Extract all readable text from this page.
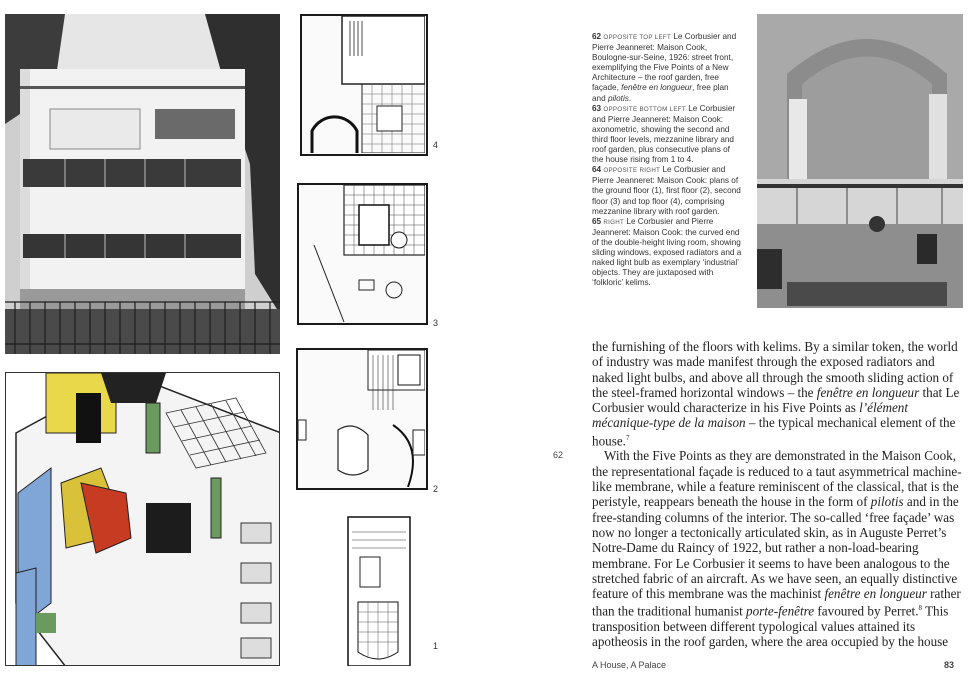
4
3
2
1
62 OPPOSITE TOP LEFT Le Corbusier and Pierre Jeanneret: Maison Cook, Boulogne-sur-Seine, 1926: street front, exemplifying the Five Points of a New Architecture – the roof garden, free façade, fenêtre en longueur, free plan and pilotis.
63 OPPOSITE BOTTOM LEFT Le Corbusier and Pierre Jeanneret: Maison Cook: axonometric, showing the second and third floor levels, mezzanine library and roof garden, plus consecutive plans of the house rising from 1 to 4.
64 OPPOSITE RIGHT Le Corbusier and Pierre Jeanneret: Maison Cook: plans of the ground floor (1), first floor (2), second floor (3) and top floor (4), comprising mezzanine library with roof garden.
65 RIGHT Le Corbusier and Pierre Jeanneret: Maison Cook: the curved end of the double-height living room, showing sliding windows, exposed radiators and a naked light bulb as exemplary ‘industrial’ objects. They are juxtaposed with ‘folkloric’ kelims.
62

the furnishing of the floors with kelims. By a similar token, the world of industry was made manifest through the exposed radiators and naked light bulbs, and above all through the smooth sliding action of the steel-framed horizontal windows – the fenêtre en longueur that Le Corbusier would characterize in his Five Points as l’élément mécanique-type de la maison – the typical mechanical element of the house.$^7$

With the Five Points as they are demonstrated in the Maison Cook, the representational façade is reduced to a taut asymmetrical machine-like membrane, while a feature reminiscent of the classical, that is the peristyle, reappears beneath the house in the form of pilotis and in the free-standing columns of the interior. The so-called ‘free façade’ was now no longer a tectonically articulated skin, as in Auguste Perret’s Notre-Dame du Raincy of 1922, but rather a non-load-bearing membrane. For Le Corbusier it seems to have been analogous to the stretched fabric of an aircraft. As we have seen, an equally distinctive feature of this membrane was the machinist fenêtre en longueur rather than the traditional humanist porte-fenêtre favoured by Perret.$^8$ This transposition between different typological values attained its apotheosis in the roof garden, where the area occupied by the house

A House, A Palace	83
